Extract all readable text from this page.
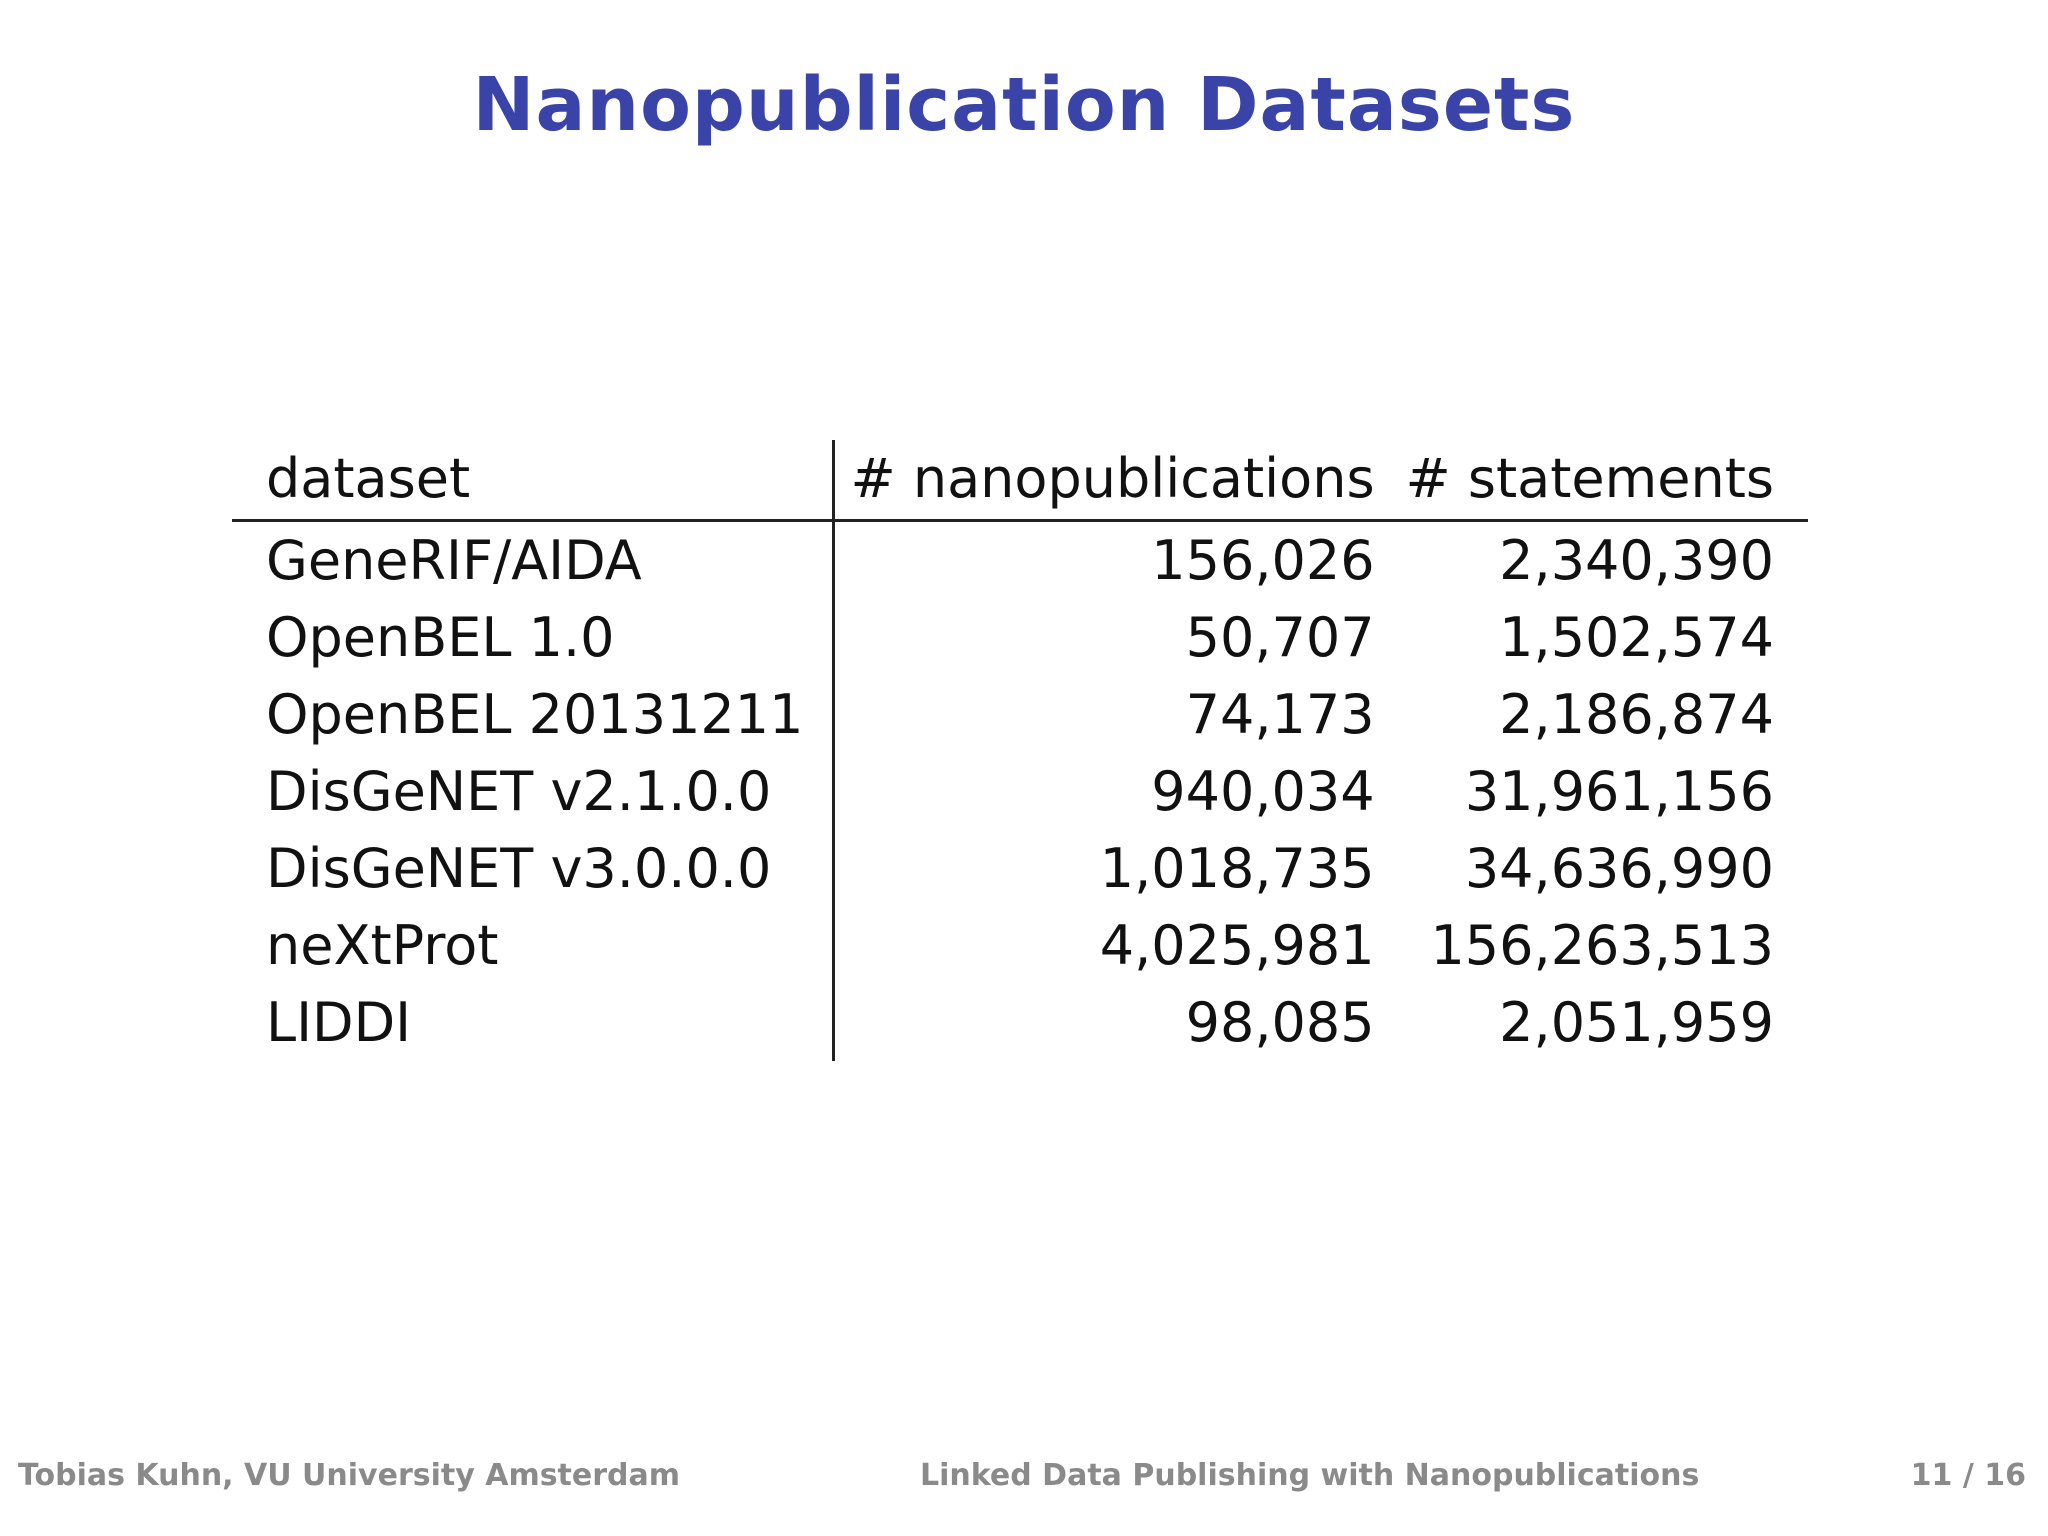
Nanopublication Datasets
dataset	# nanopublications	# statements
GeneRIF/AIDA	156,026	2,340,390
OpenBEL 1.0	50,707	1,502,574
OpenBEL 20131211	74,173	2,186,874
DisGeNET v2.1.0.0	940,034	31,961,156
DisGeNET v3.0.0.0	1,018,735	34,636,990
neXtProt	4,025,981	156,263,513
LIDDI	98,085	2,051,959
Tobias Kuhn, VU University Amsterdam	Linked Data Publishing with Nanopublications	11 / 16
